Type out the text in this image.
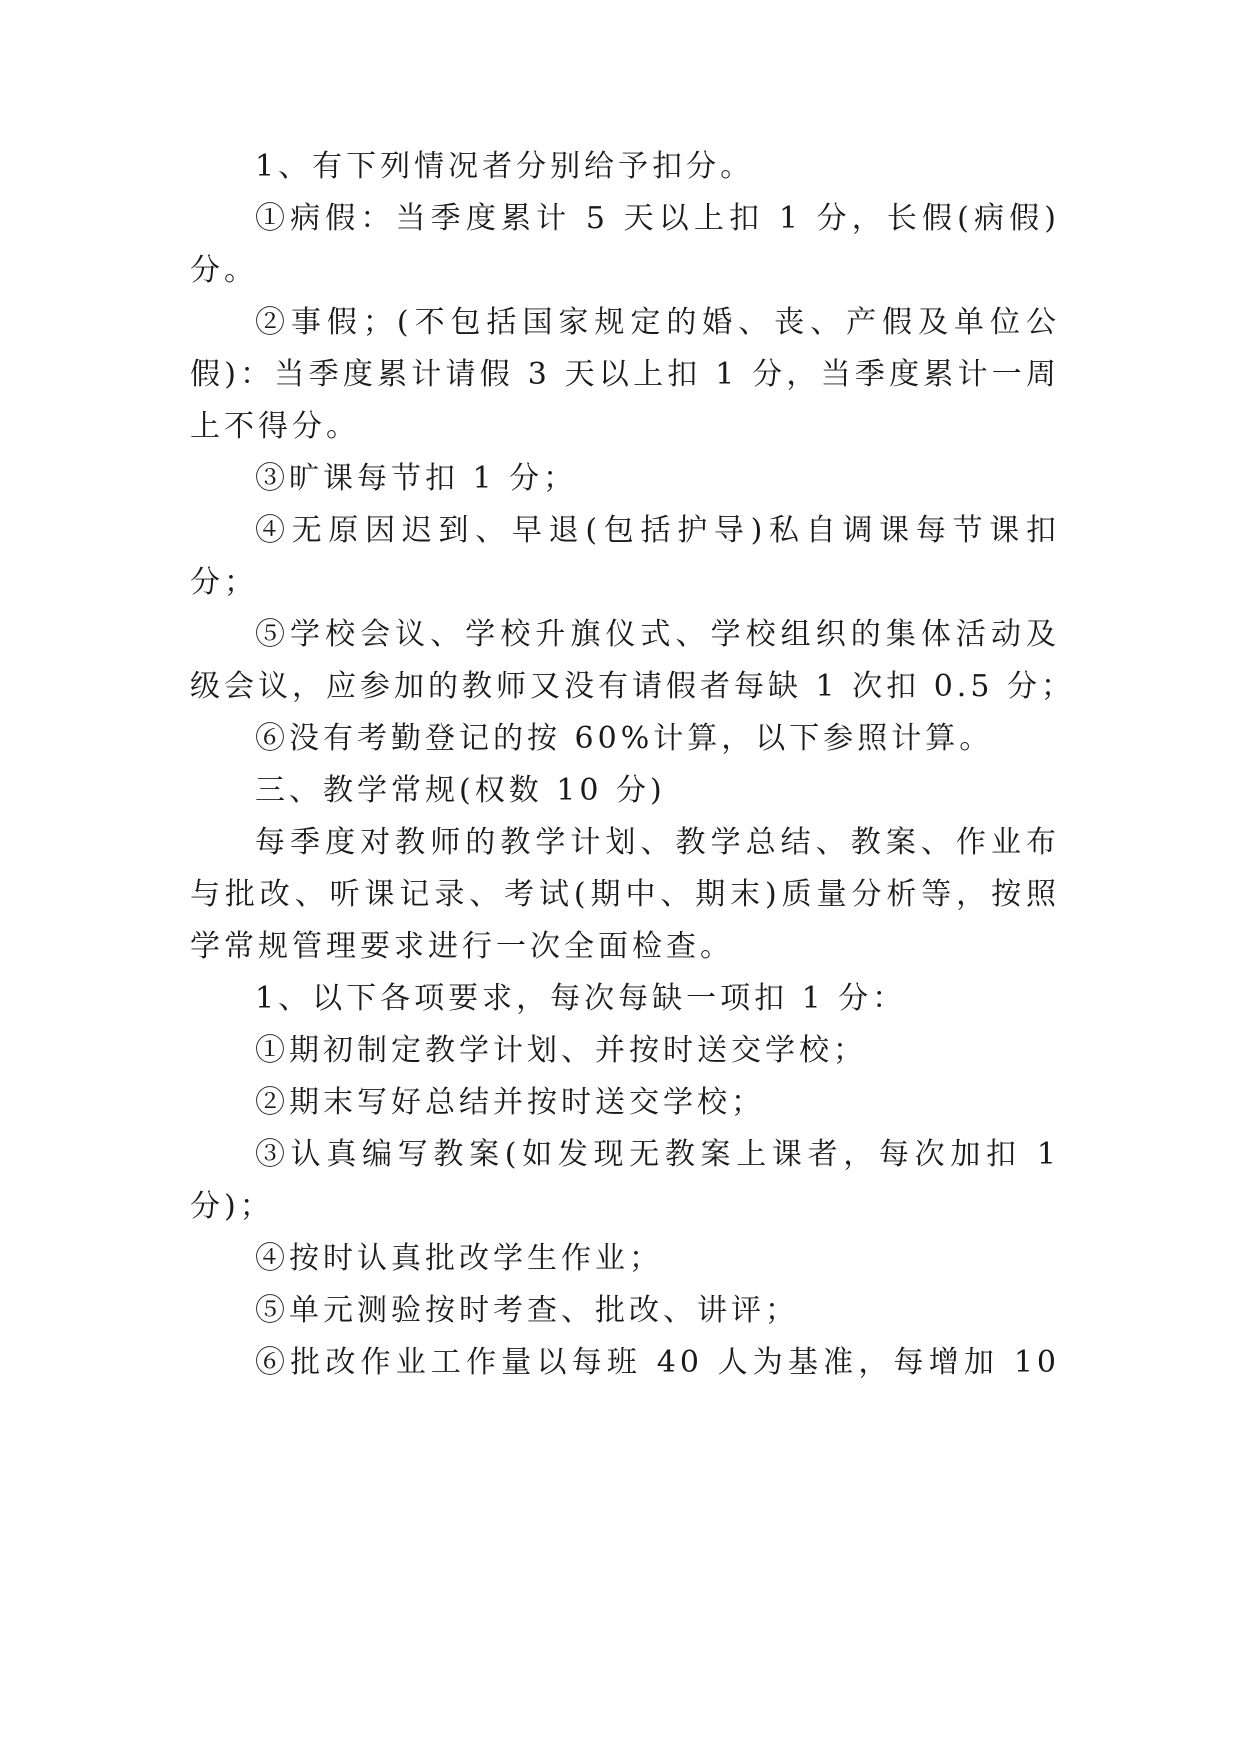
1、有下列情况者分别给予扣分。
①病假：当季度累计 5 天以上扣 1 分，长假(病假)
分。
②事假；(不包括国家规定的婚、丧、产假及单位公
假)：当季度累计请假 3 天以上扣 1 分，当季度累计一周
上不得分。
③旷课每节扣 1 分；
④无原因迟到、早退(包括护导)私自调课每节课扣
分；
⑤学校会议、学校升旗仪式、学校组织的集体活动及
级会议，应参加的教师又没有请假者每缺 1 次扣 0.5 分；
⑥没有考勤登记的按 60%计算，以下参照计算。
三、教学常规(权数 10 分)
每季度对教师的教学计划、教学总结、教案、作业布
与批改、听课记录、考试(期中、期末)质量分析等，按照
学常规管理要求进行一次全面检查。
1、以下各项要求，每次每缺一项扣 1 分：
①期初制定教学计划、并按时送交学校；
②期末写好总结并按时送交学校；
③认真编写教案(如发现无教案上课者，每次加扣 1
分)；
④按时认真批改学生作业；
⑤单元测验按时考查、批改、讲评；
⑥批改作业工作量以每班 40 人为基准，每增加 10
